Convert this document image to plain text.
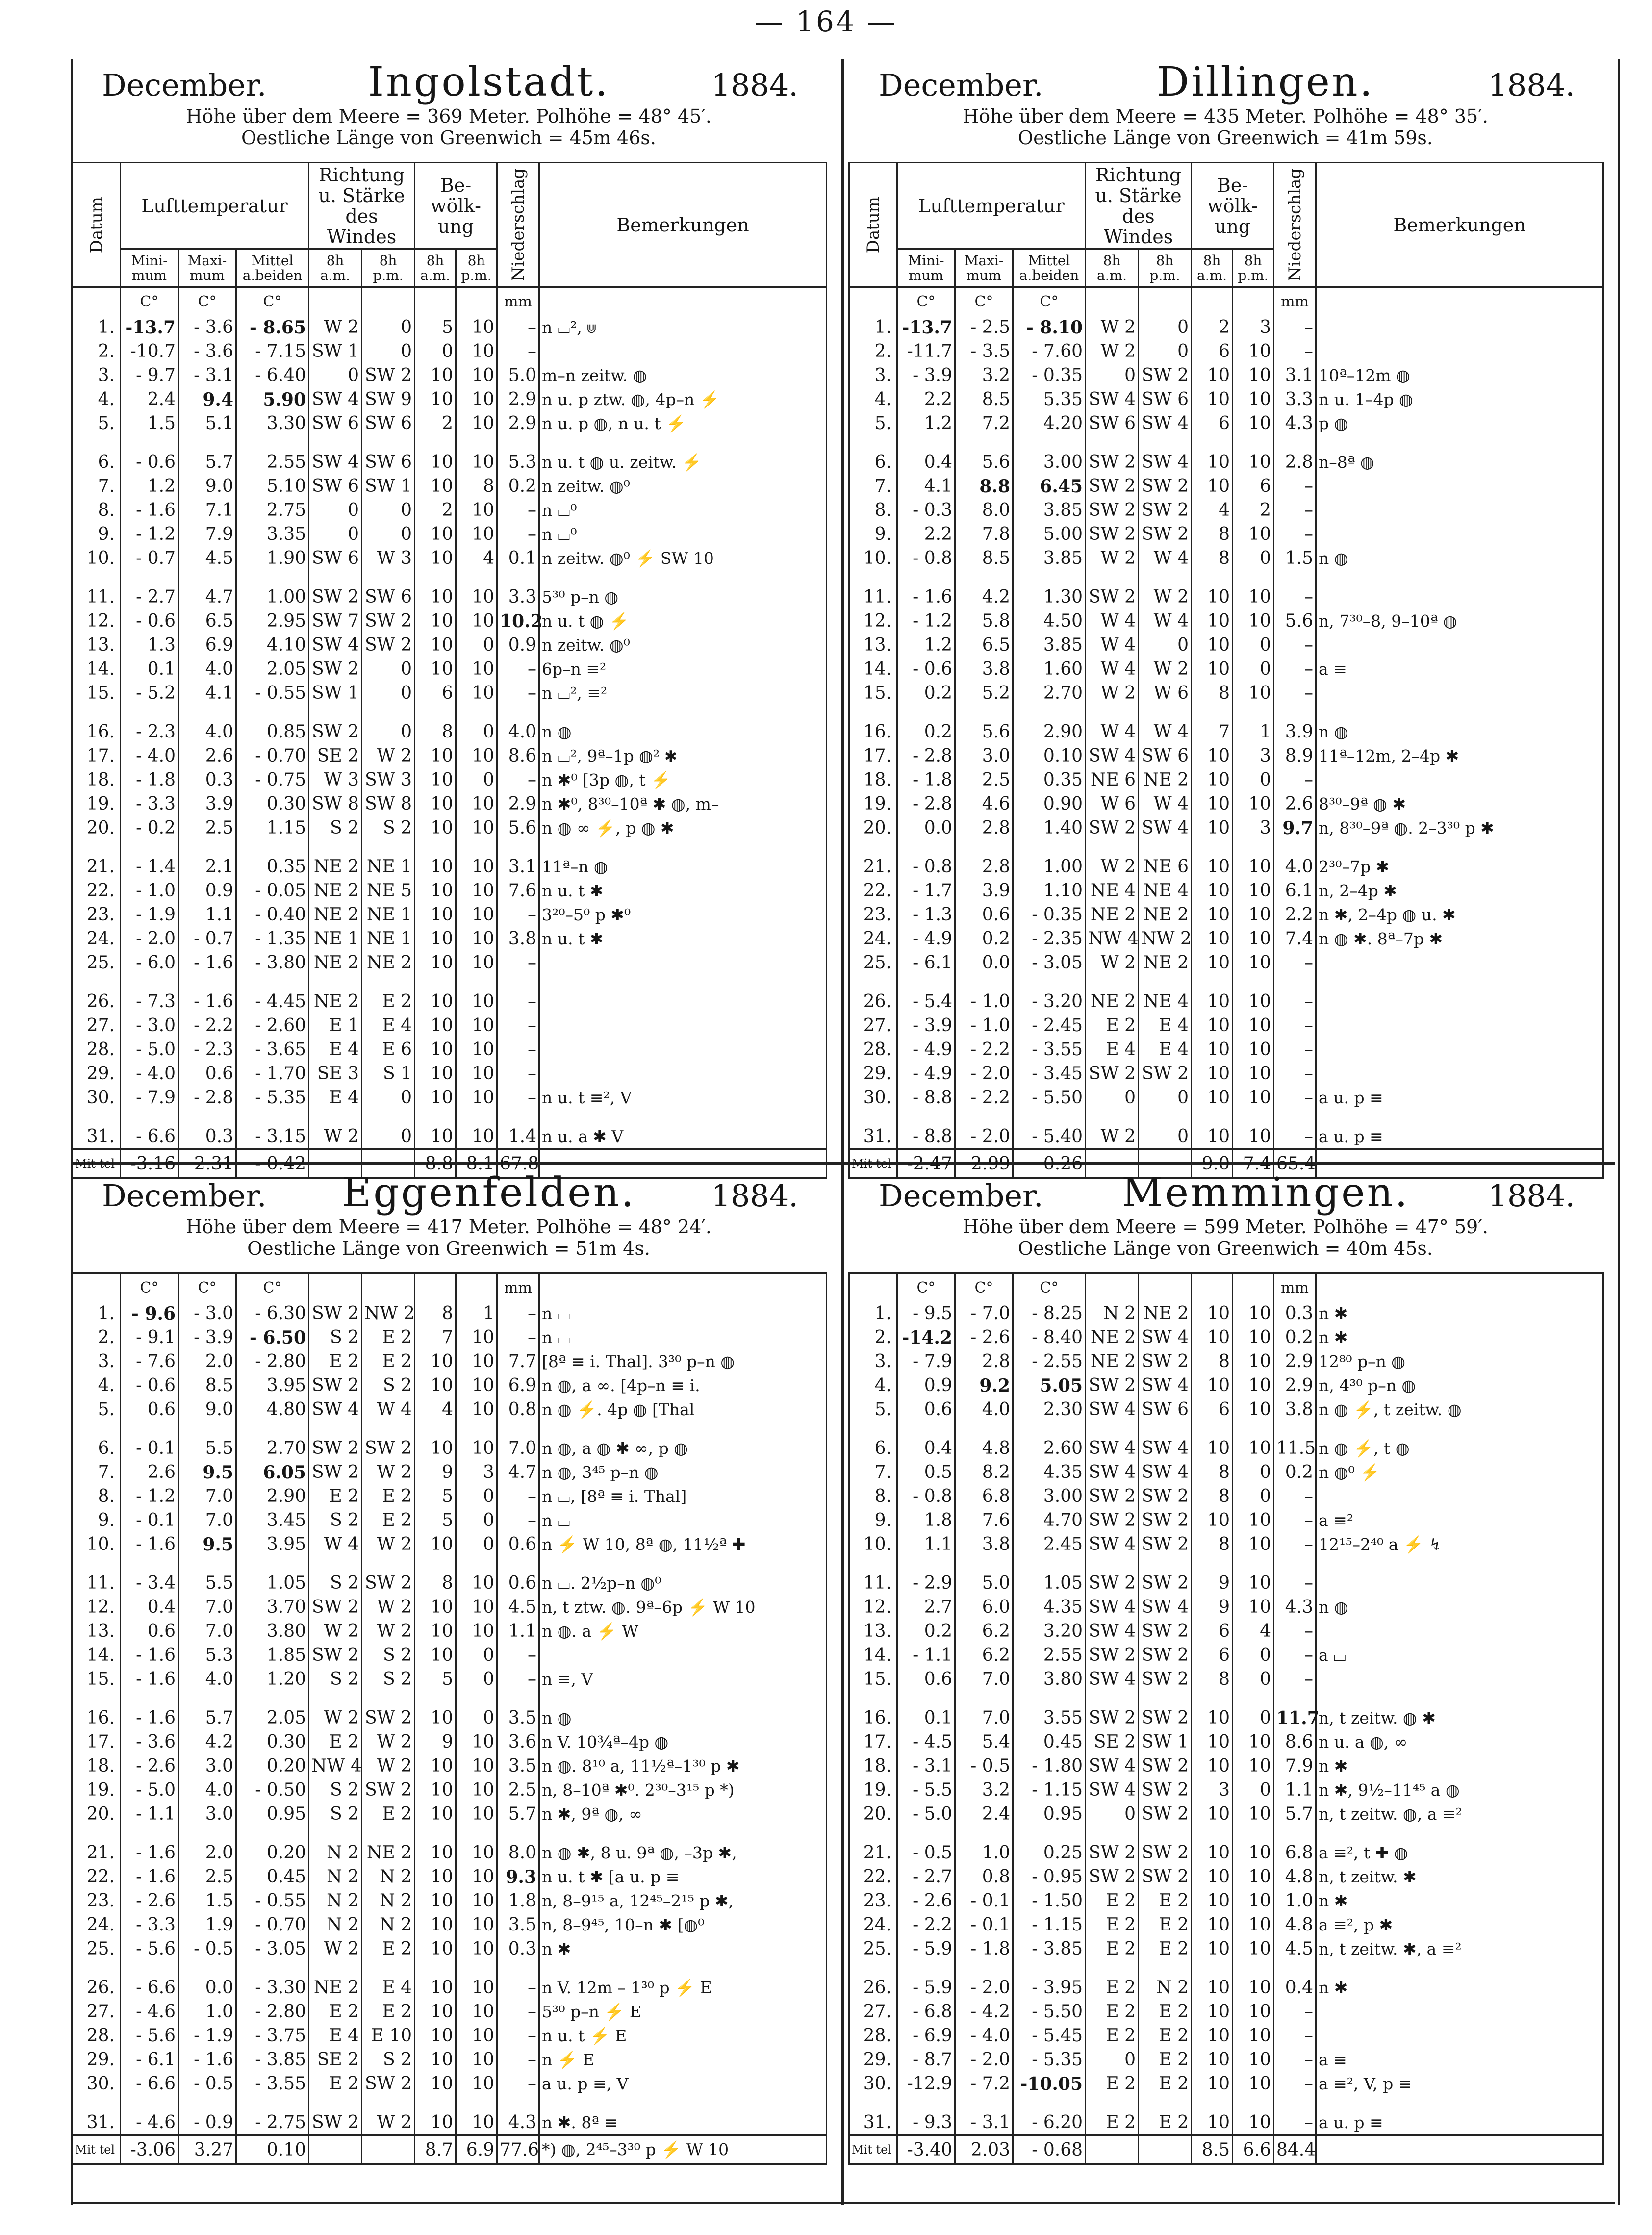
— 164 —
December.	Ingolstadt.	1884.
Höhe über dem Meere = 369 Meter. Polhöhe = 48° 45′.
Oestliche Länge von Greenwich = 45m 46s.
Datum	Lufttemperatur			Richtung u. Stärke des Windes		Be- wölk- ung		Niederschlag	Bemerkungen
	Mini- mum	Maxi- mum	Mittel a.beiden	8h a.m.	8h p.m.	8h a.m.	8h p.m.		
	C°	C°	C°					mm	
1.	-13.7	- 3.6	- 8.65	W 2	0	5	10	–	n ⌴², ⋓
2.	-10.7	- 3.6	- 7.15	SW 1	0	0	10	–	
3.	- 9.7	- 3.1	- 6.40	0	SW 2	10	10	5.0	m–n zeitw. ◍
4.	2.4	9.4	5.90	SW 4	SW 9	10	10	2.9	n u. p ztw. ◍, 4p–n ⚡
5.	1.5	5.1	3.30	SW 6	SW 6	2	10	2.9	n u. p ◍, n u. t ⚡

6.	- 0.6	5.7	2.55	SW 4	SW 6	10	10	5.3	n u. t ◍ u. zeitw. ⚡
7.	1.2	9.0	5.10	SW 6	SW 1	10	8	0.2	n zeitw. ◍⁰
8.	- 1.6	7.1	2.75	0	0	2	10	–	n ⌴⁰
9.	- 1.2	7.9	3.35	0	0	10	10	–	n ⌴⁰
10.	- 0.7	4.5	1.90	SW 6	W 3	10	4	0.1	n zeitw. ◍⁰ ⚡ SW 10

11.	- 2.7	4.7	1.00	SW 2	SW 6	10	10	3.3	5³⁰ p–n ◍
12.	- 0.6	6.5	2.95	SW 7	SW 2	10	10	10.2	n u. t ◍ ⚡
13.	1.3	6.9	4.10	SW 4	SW 2	10	0	0.9	n zeitw. ◍⁰
14.	0.1	4.0	2.05	SW 2	0	10	10	–	6p–n ≡²
15.	- 5.2	4.1	- 0.55	SW 1	0	6	10	–	n ⌴², ≡²

16.	- 2.3	4.0	0.85	SW 2	0	8	0	4.0	n ◍
17.	- 4.0	2.6	- 0.70	SE 2	W 2	10	10	8.6	n ⌴², 9ª–1p ◍² ✱
18.	- 1.8	0.3	- 0.75	W 3	SW 3	10	0	–	n ✱⁰ [3p ◍, t ⚡
19.	- 3.3	3.9	0.30	SW 8	SW 8	10	10	2.9	n ✱⁰, 8³⁰–10ª ✱ ◍, m–
20.	- 0.2	2.5	1.15	S 2	S 2	10	10	5.6	n ◍ ∞ ⚡, p ◍ ✱

21.	- 1.4	2.1	0.35	NE 2	NE 1	10	10	3.1	11ª–n ◍
22.	- 1.0	0.9	- 0.05	NE 2	NE 5	10	10	7.6	n u. t ✱
23.	- 1.9	1.1	- 0.40	NE 2	NE 1	10	10	–	3²⁰–5⁰ p ✱⁰
24.	- 2.0	- 0.7	- 1.35	NE 1	NE 1	10	10	3.8	n u. t ✱
25.	- 6.0	- 1.6	- 3.80	NE 2	NE 2	10	10	–	

26.	- 7.3	- 1.6	- 4.45	NE 2	E 2	10	10	–	
27.	- 3.0	- 2.2	- 2.60	E 1	E 4	10	10	–	
28.	- 5.0	- 2.3	- 3.65	E 4	E 6	10	10	–	
29.	- 4.0	0.6	- 1.70	SE 3	S 1	10	10	–	
30.	- 7.9	- 2.8	- 5.35	E 4	0	10	10	–	n u. t ≡², V

31.	- 6.6	0.3	- 3.15	W 2	0	10	10	1.4	n u. a ✱ V
Mit tel	-3.16	2.31	- 0.42			8.8	8.1	67.8	
December.	Dillingen.	1884.
Höhe über dem Meere = 435 Meter. Polhöhe = 48° 35′.
Oestliche Länge von Greenwich = 41m 59s.
Datum	Lufttemperatur			Richtung u. Stärke des Windes		Be- wölk- ung		Niederschlag	Bemerkungen
	Mini- mum	Maxi- mum	Mittel a.beiden	8h a.m.	8h p.m.	8h a.m.	8h p.m.		
	C°	C°	C°					mm	
1.	-13.7	- 2.5	- 8.10	W 2	0	2	3	–	
2.	-11.7	- 3.5	- 7.60	W 2	0	6	10	–	
3.	- 3.9	3.2	- 0.35	0	SW 2	10	10	3.1	10ª–12m ◍
4.	2.2	8.5	5.35	SW 4	SW 6	10	10	3.3	n u. 1–4p ◍
5.	1.2	7.2	4.20	SW 6	SW 4	6	10	4.3	p ◍

6.	0.4	5.6	3.00	SW 2	SW 4	10	10	2.8	n–8ª ◍
7.	4.1	8.8	6.45	SW 2	SW 2	10	6	–	
8.	- 0.3	8.0	3.85	SW 2	SW 2	4	2	–	
9.	2.2	7.8	5.00	SW 2	SW 2	8	10	–	
10.	- 0.8	8.5	3.85	W 2	W 4	8	0	1.5	n ◍

11.	- 1.6	4.2	1.30	SW 2	W 2	10	10	–	
12.	- 1.2	5.8	4.50	W 4	W 4	10	10	5.6	n, 7³⁰–8, 9–10ª ◍
13.	1.2	6.5	3.85	W 4	0	10	0	–	
14.	- 0.6	3.8	1.60	W 4	W 2	10	0	–	a ≡
15.	0.2	5.2	2.70	W 2	W 6	8	10	–	

16.	0.2	5.6	2.90	W 4	W 4	7	1	3.9	n ◍
17.	- 2.8	3.0	0.10	SW 4	SW 6	10	3	8.9	11ª–12m, 2–4p ✱
18.	- 1.8	2.5	0.35	NE 6	NE 2	10	0	–	
19.	- 2.8	4.6	0.90	W 6	W 4	10	10	2.6	8³⁰–9ª ◍ ✱
20.	0.0	2.8	1.40	SW 2	SW 4	10	3	9.7	n, 8³⁰–9ª ◍. 2–3³⁰ p ✱

21.	- 0.8	2.8	1.00	W 2	NE 6	10	10	4.0	2³⁰–7p ✱
22.	- 1.7	3.9	1.10	NE 4	NE 4	10	10	6.1	n, 2–4p ✱
23.	- 1.3	0.6	- 0.35	NE 2	NE 2	10	10	2.2	n ✱, 2–4p ◍ u. ✱
24.	- 4.9	0.2	- 2.35	NW 4	NW 2	10	10	7.4	n ◍ ✱. 8ª–7p ✱
25.	- 6.1	0.0	- 3.05	W 2	NE 2	10	10	–	

26.	- 5.4	- 1.0	- 3.20	NE 2	NE 4	10	10	–	
27.	- 3.9	- 1.0	- 2.45	E 2	E 4	10	10	–	
28.	- 4.9	- 2.2	- 3.55	E 4	E 4	10	10	–	
29.	- 4.9	- 2.0	- 3.45	SW 2	SW 2	10	10	–	
30.	- 8.8	- 2.2	- 5.50	0	0	10	10	–	a u. p ≡

31.	- 8.8	- 2.0	- 5.40	W 2	0	10	10	–	a u. p ≡
Mit tel	-2.47	2.99	0.26			9.0	7.4	65.4	
December. Eggenfelden. 1884.
Höhe über dem Meere = 417 Meter. Polhöhe = 48° 24′.
Oestliche Länge von Greenwich = 51m 4s.
	C°	C°	C°					mm	
1.	- 9.6	- 3.0	- 6.30	SW 2	NW 2	8	1	–	n ⌴
2.	- 9.1	- 3.9	- 6.50	S 2	E 2	7	10	–	n ⌴
3.	- 7.6	2.0	- 2.80	E 2	E 2	10	10	7.7	[8ª ≡ i. Thal]. 3³⁰ p–n ◍
4.	- 0.6	8.5	3.95	SW 2	S 2	10	10	6.9	n ◍, a ∞. [4p–n ≡ i.
5.	0.6	9.0	4.80	SW 4	W 4	4	10	0.8	n ◍ ⚡. 4p ◍ [Thal

6.	- 0.1	5.5	2.70	SW 2	SW 2	10	10	7.0	n ◍, a ◍ ✱ ∞, p ◍
7.	2.6	9.5	6.05	SW 2	W 2	9	3	4.7	n ◍, 3⁴⁵ p–n ◍
8.	- 1.2	7.0	2.90	E 2	E 2	5	0	–	n ⌴, [8ª ≡ i. Thal]
9.	- 0.1	7.0	3.45	S 2	E 2	5	0	–	n ⌴
10.	- 1.6	9.5	3.95	W 4	W 2	10	0	0.6	n ⚡ W 10, 8ª ◍, 11½ª ✚

11.	- 3.4	5.5	1.05	S 2	SW 2	8	10	0.6	n ⌴. 2½p–n ◍⁰
12.	0.4	7.0	3.70	SW 2	W 2	10	10	4.5	n, t ztw. ◍. 9ª–6p ⚡ W 10
13.	0.6	7.0	3.80	W 2	W 2	10	10	1.1	n ◍. a ⚡ W
14.	- 1.6	5.3	1.85	SW 2	S 2	10	0	–	
15.	- 1.6	4.0	1.20	S 2	S 2	5	0	–	n ≡, V

16.	- 1.6	5.7	2.05	W 2	SW 2	10	0	3.5	n ◍
17.	- 3.6	4.2	0.30	E 2	W 2	9	10	3.6	n V. 10¾ª–4p ◍
18.	- 2.6	3.0	0.20	NW 4	W 2	10	10	3.5	n ◍. 8¹⁰ a, 11½ª–1³⁰ p ✱
19.	- 5.0	4.0	- 0.50	S 2	SW 2	10	10	2.5	n, 8–10ª ✱⁰. 2³⁰–3¹⁵ p *)
20.	- 1.1	3.0	0.95	S 2	E 2	10	10	5.7	n ✱, 9ª ◍, ∞

21.	- 1.6	2.0	0.20	N 2	NE 2	10	10	8.0	n ◍ ✱, 8 u. 9ª ◍, –3p ✱,
22.	- 1.6	2.5	0.45	N 2	N 2	10	10	9.3	n u. t ✱ [a u. p ≡
23.	- 2.6	1.5	- 0.55	N 2	N 2	10	10	1.8	n, 8–9¹⁵ a, 12⁴⁵–2¹⁵ p ✱,
24.	- 3.3	1.9	- 0.70	N 2	N 2	10	10	3.5	n, 8–9⁴⁵, 10–n ✱ [◍⁰
25.	- 5.6	- 0.5	- 3.05	W 2	E 2	10	10	0.3	n ✱

26.	- 6.6	0.0	- 3.30	NE 2	E 4	10	10	–	n V. 12m – 1³⁰ p ⚡ E
27.	- 4.6	1.0	- 2.80	E 2	E 2	10	10	–	5³⁰ p–n ⚡ E
28.	- 5.6	- 1.9	- 3.75	E 4	E 10	10	10	–	n u. t ⚡ E
29.	- 6.1	- 1.6	- 3.85	SE 2	S 2	10	10	–	n ⚡ E
30.	- 6.6	- 0.5	- 3.55	E 2	SW 2	10	10	–	a u. p ≡, V

31.	- 4.6	- 0.9	- 2.75	SW 2	W 2	10	10	4.3	n ✱. 8ª ≡
Mit tel	-3.06	3.27	0.10			8.7	6.9	77.6	*) ◍, 2⁴⁵–3³⁰ p ⚡ W 10
December. Memmingen.	1884.
Höhe über dem Meere = 599 Meter. Polhöhe = 47° 59′.
Oestliche Länge von Greenwich = 40m 45s.
	C°	C°	C°					mm	
1.	- 9.5	- 7.0	- 8.25	N 2	NE 2	10	10	0.3	n ✱
2.	-14.2	- 2.6	- 8.40	NE 2	SW 4	10	10	0.2	n ✱
3.	- 7.9	2.8	- 2.55	NE 2	SW 2	8	10	2.9	12⁸⁰ p–n ◍
4.	0.9	9.2	5.05	SW 2	SW 4	10	10	2.9	n, 4³⁰ p–n ◍
5.	0.6	4.0	2.30	SW 4	SW 6	6	10	3.8	n ◍ ⚡, t zeitw. ◍

6.	0.4	4.8	2.60	SW 4	SW 4	10	10	11.5	n ◍ ⚡, t ◍
7.	0.5	8.2	4.35	SW 4	SW 4	8	0	0.2	n ◍⁰ ⚡
8.	- 0.8	6.8	3.00	SW 2	SW 2	8	0	–	
9.	1.8	7.6	4.70	SW 2	SW 2	10	10	–	a ≡²
10.	1.1	3.8	2.45	SW 4	SW 2	8	10	–	12¹⁵–2⁴⁰ a ⚡ ↯

11.	- 2.9	5.0	1.05	SW 2	SW 2	9	10	–	
12.	2.7	6.0	4.35	SW 4	SW 4	9	10	4.3	n ◍
13.	0.2	6.2	3.20	SW 4	SW 2	6	4	–	
14.	- 1.1	6.2	2.55	SW 2	SW 2	6	0	–	a ⌴
15.	0.6	7.0	3.80	SW 4	SW 2	8	0	–	

16.	0.1	7.0	3.55	SW 2	SW 2	10	0	11.7	n, t zeitw. ◍ ✱
17.	- 4.5	5.4	0.45	SE 2	SW 1	10	10	8.6	n u. a ◍, ∞
18.	- 3.1	- 0.5	- 1.80	SW 4	SW 2	10	10	7.9	n ✱
19.	- 5.5	3.2	- 1.15	SW 4	SW 2	3	0	1.1	n ✱, 9½–11⁴⁵ a ◍
20.	- 5.0	2.4	0.95	0	SW 2	10	10	5.7	n, t zeitw. ◍, a ≡²

21.	- 0.5	1.0	0.25	SW 2	SW 2	10	10	6.8	a ≡², t ✚ ◍
22.	- 2.7	0.8	- 0.95	SW 2	SW 2	10	10	4.8	n, t zeitw. ✱
23.	- 2.6	- 0.1	- 1.50	E 2	E 2	10	10	1.0	n ✱
24.	- 2.2	- 0.1	- 1.15	E 2	E 2	10	10	4.8	a ≡², p ✱
25.	- 5.9	- 1.8	- 3.85	E 2	E 2	10	10	4.5	n, t zeitw. ✱, a ≡²

26.	- 5.9	- 2.0	- 3.95	E 2	N 2	10	10	0.4	n ✱
27.	- 6.8	- 4.2	- 5.50	E 2	E 2	10	10	–	
28.	- 6.9	- 4.0	- 5.45	E 2	E 2	10	10	–	
29.	- 8.7	- 2.0	- 5.35	0	E 2	10	10	–	a ≡
30.	-12.9	- 7.2	-10.05	E 2	E 2	10	10	–	a ≡², V, p ≡

31.	- 9.3	- 3.1	- 6.20	E 2	E 2	10	10	–	a u. p ≡
Mit tel	-3.40	2.03	- 0.68			8.5	6.6	84.4	
